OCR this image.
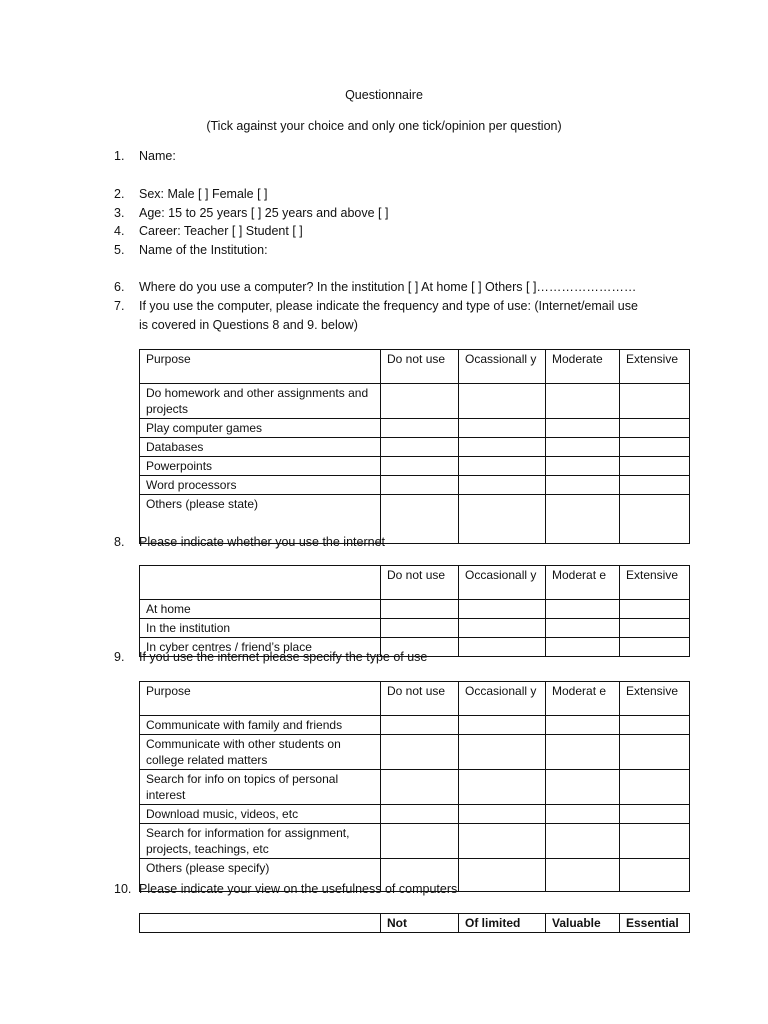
Questionnaire
(Tick against your choice and only one tick/opinion per question)
1. Name:
2. Sex: Male [ ] Female [ ]
3. Age: 15 to 25 years [ ] 25 years and above [ ]
4. Career: Teacher [ ] Student [ ]
5. Name of the Institution:
6. Where do you use a computer? In the institution [ ] At home [ ] Others [ ]……………………
7. If you use the computer, please indicate the frequency and type of use: (Internet/email use
is covered in Questions 8 and 9. below)
Purpose	Do not use	Ocassionall y	Moderate	Extensive
Do homework and other assignments and projects				
Play computer games				
Databases				
Powerpoints				
Word processors				
Others (please state)				
8. Please indicate whether you use the internet
	Do not use	Occasionall y	Moderat e	Extensive
At home				
In the institution				
In cyber centres / friend’s place				
9. If you use the internet please specify the type of use
Purpose	Do not use	Occasionall y	Moderat e	Extensive
Communicate with family and friends				
Communicate with other students on college related matters				
Search for info on topics of personal interest				
Download music, videos, etc				
Search for information for assignment, projects, teachings, etc				
Others (please specify)				
10. Please indicate your view on the usefulness of computers
	Not	Of limited	Valuable	Essential
